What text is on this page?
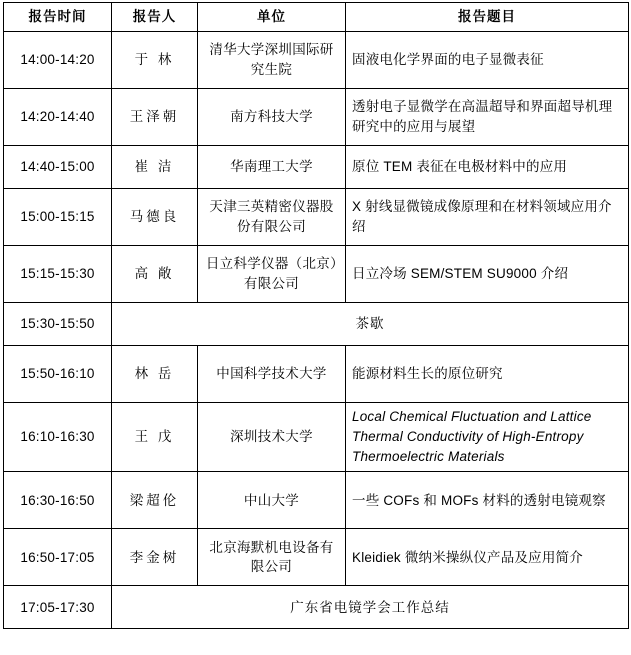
报告时间	报告人	单位	报告题目
14:00-14:20	于 林	清华大学深圳国际研究生院	固液电化学界面的电子显微表征
14:20-14:40	王泽朝	南方科技大学	透射电子显微学在高温超导和界面超导机理研究中的应用与展望
14:40-15:00	崔 洁	华南理工大学	原位 TEM 表征在电极材料中的应用
15:00-15:15	马德良	天津三英精密仪器股份有限公司	X 射线显微镜成像原理和在材料领域应用介绍
15:15-15:30	高 敞	日立科学仪器（北京）有限公司	日立冷场 SEM/STEM SU9000 介绍
15:30-15:50	茶歇		
15:50-16:10	林 岳	中国科学技术大学	能源材料生长的原位研究
16:10-16:30	王 戊	深圳技术大学	Local Chemical Fluctuation and Lattice Thermal Conductivity of High-Entropy Thermoelectric Materials
16:30-16:50	梁超伦	中山大学	一些 COFs 和 MOFs 材料的透射电镜观察
16:50-17:05	李金树	北京海默机电设备有限公司	Kleidiek 微纳米操纵仪产品及应用简介
17:05-17:30	广东省电镜学会工作总结		
